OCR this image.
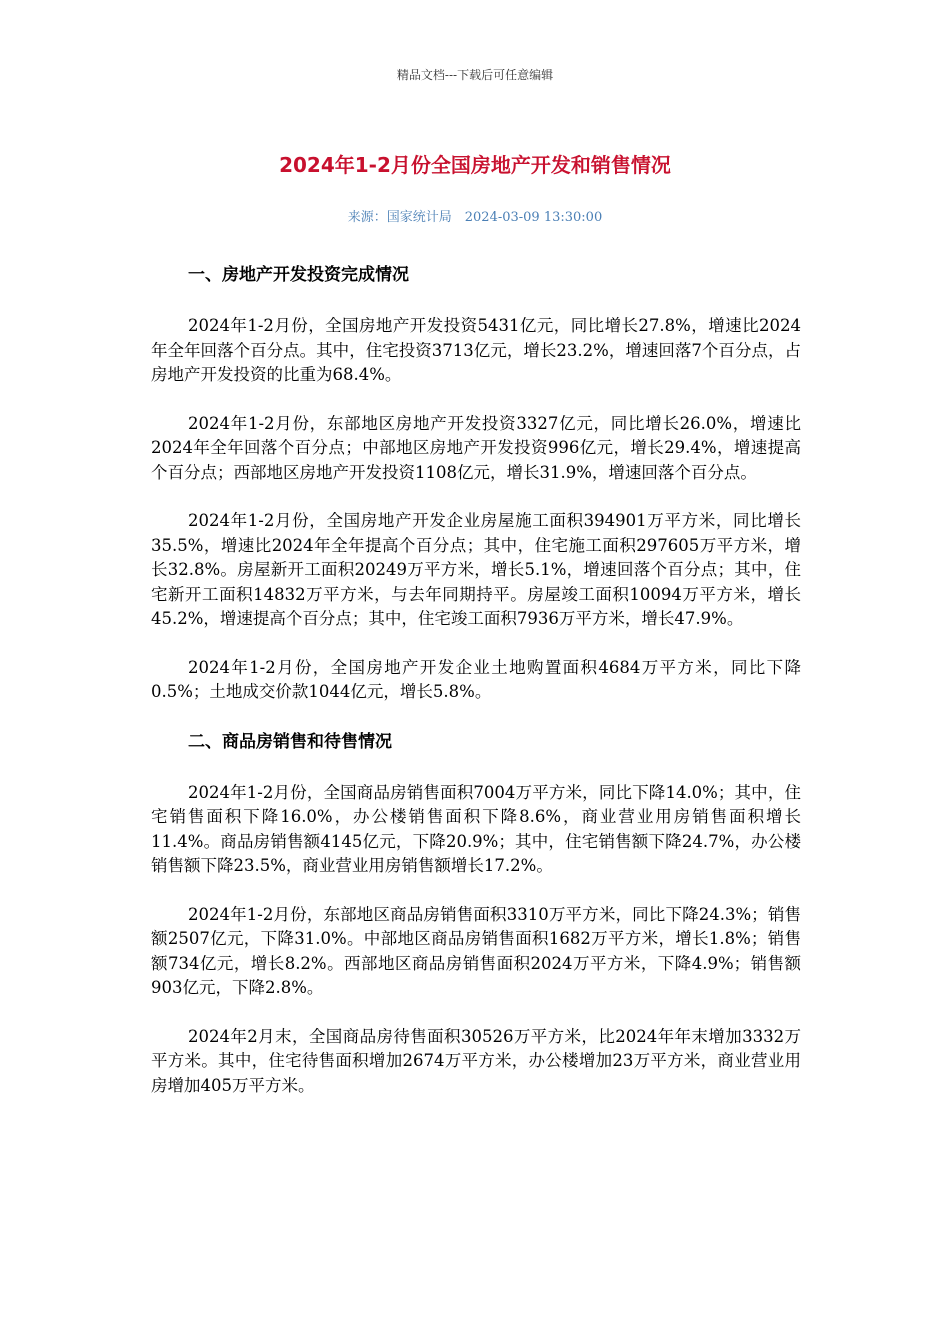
精品文档---下载后可任意编辑
2024年1-2月份全国房地产开发和销售情况
来源：国家统计局　2024-03-09 13:30:00
一、房地产开发投资完成情况

2024年1-2月份，全国房地产开发投资5431亿元，同比增长27.8%，增速比2024年全年回落个百分点。其中，住宅投资3713亿元，增长23.2%，增速回落7个百分点，占房地产开发投资的比重为68.4%。

2024年1-2月份，东部地区房地产开发投资3327亿元，同比增长26.0%，增速比2024年全年回落个百分点；中部地区房地产开发投资996亿元，增长29.4%，增速提高个百分点；西部地区房地产开发投资1108亿元，增长31.9%，增速回落个百分点。

2024年1-2月份，全国房地产开发企业房屋施工面积394901万平方米，同比增长35.5%，增速比2024年全年提高个百分点；其中，住宅施工面积297605万平方米，增长32.8%。房屋新开工面积20249万平方米，增长5.1%，增速回落个百分点；其中，住宅新开工面积14832万平方米，与去年同期持平。房屋竣工面积10094万平方米，增长45.2%，增速提高个百分点；其中，住宅竣工面积7936万平方米，增长47.9%。

2024年1-2月份，全国房地产开发企业土地购置面积4684万平方米，同比下降0.5%；土地成交价款1044亿元，增长5.8%。

二、商品房销售和待售情况

2024年1-2月份，全国商品房销售面积7004万平方米，同比下降14.0%；其中，住宅销售面积下降16.0%，办公楼销售面积下降8.6%，商业营业用房销售面积增长11.4%。商品房销售额4145亿元，下降20.9%；其中，住宅销售额下降24.7%，办公楼销售额下降23.5%，商业营业用房销售额增长17.2%。

2024年1-2月份，东部地区商品房销售面积3310万平方米，同比下降24.3%；销售额2507亿元，下降31.0%。中部地区商品房销售面积1682万平方米，增长1.8%；销售额734亿元，增长8.2%。西部地区商品房销售面积2024万平方米，下降4.9%；销售额903亿元，下降2.8%。

2024年2月末，全国商品房待售面积30526万平方米，比2024年年末增加3332万平方米。其中，住宅待售面积增加2674万平方米，办公楼增加23万平方米，商业营业用房增加405万平方米。
